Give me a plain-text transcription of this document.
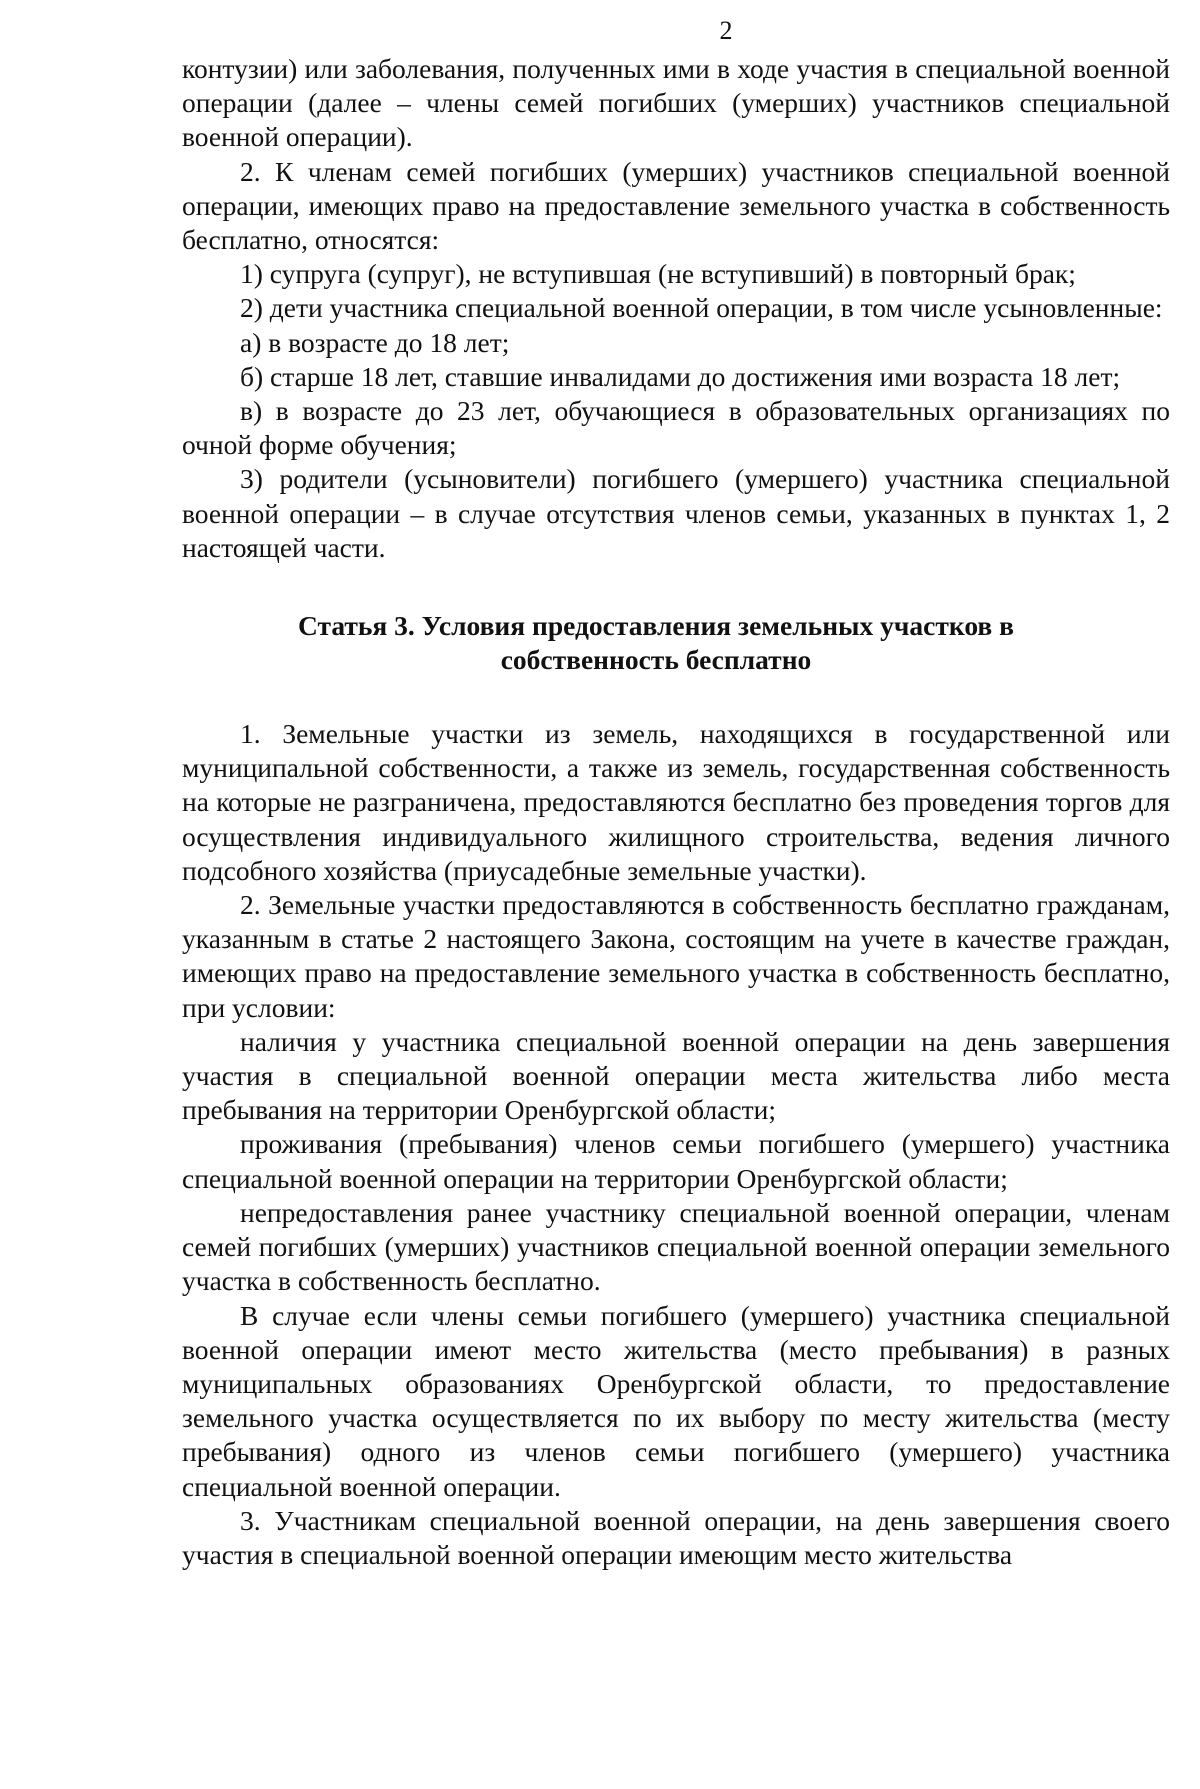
2

контузии) или заболевания, полученных ими в ходе участия в специальной военной операции (далее – члены семей погибших (умерших) участников специальной военной операции).

2. К членам семей погибших (умерших) участников специальной военной операции, имеющих право на предоставление земельного участка в собственность бесплатно, относятся:

1) супруга (супруг), не вступившая (не вступивший) в повторный брак;

2) дети участника специальной военной операции, в том числе усыновленные:

а) в возрасте до 18 лет;

б) старше 18 лет, ставшие инвалидами до достижения ими возраста 18 лет;

в) в возрасте до 23 лет, обучающиеся в образовательных организациях по очной форме обучения;

3) родители (усыновители) погибшего (умершего) участника специальной военной операции – в случае отсутствия членов семьи, указанных в пунктах 1, 2 настоящей части.

Статья 3. Условия предоставления земельных участков в
собственность бесплатно

1. Земельные участки из земель, находящихся в государственной или муниципальной собственности, а также из земель, государственная собственность на которые не разграничена, предоставляются бесплатно без проведения торгов для осуществления индивидуального жилищного строительства, ведения личного подсобного хозяйства (приусадебные земельные участки).

2. Земельные участки предоставляются в собственность бесплатно гражданам, указанным в статье 2 настоящего Закона, состоящим на учете в качестве граждан, имеющих право на предоставление земельного участка в собственность бесплатно, при условии:

наличия у участника специальной военной операции на день завершения участия в специальной военной операции места жительства либо места пребывания на территории Оренбургской области;

проживания (пребывания) членов семьи погибшего (умершего) участника специальной военной операции на территории Оренбургской области;

непредоставления ранее участнику специальной военной операции, членам семей погибших (умерших) участников специальной военной операции земельного участка в собственность бесплатно.

В случае если члены семьи погибшего (умершего) участника специальной военной операции имеют место жительства (место пребывания) в разных муниципальных образованиях Оренбургской области, то предоставление земельного участка осуществляется по их выбору по месту жительства (месту пребывания) одного из членов семьи погибшего (умершего) участника специальной военной операции.

3. Участникам специальной военной операции, на день завершения своего участия в специальной военной операции имеющим место жительства
